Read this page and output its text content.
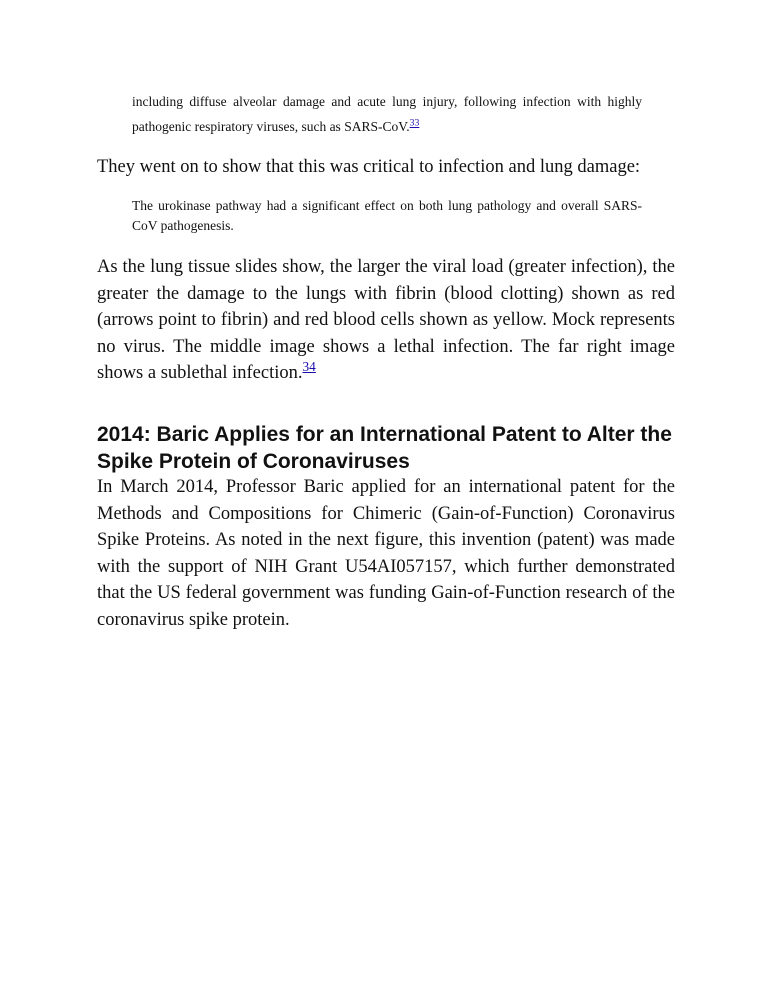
including diffuse alveolar damage and acute lung injury, following infection with highly pathogenic respiratory viruses, such as SARS-CoV.$^{33}$
They went on to show that this was critical to infection and lung damage:
The urokinase pathway had a significant effect on both lung pathology and overall SARS-CoV pathogenesis.
As the lung tissue slides show, the larger the viral load (greater infection), the greater the damage to the lungs with fibrin (blood clotting) shown as red (arrows point to fibrin) and red blood cells shown as yellow. Mock represents no virus. The middle image shows a lethal infection. The far right image shows a sublethal infection.$^{34}$
2014: Baric Applies for an International Patent to Alter the Spike Protein of Coronaviruses
In March 2014, Professor Baric applied for an international patent for the Methods and Compositions for Chimeric (Gain-of-Function) Coronavirus Spike Proteins. As noted in the next figure, this invention (patent) was made with the support of NIH Grant U54AI057157, which further demonstrated that the US federal government was funding Gain-of-Function research of the coronavirus spike protein.
